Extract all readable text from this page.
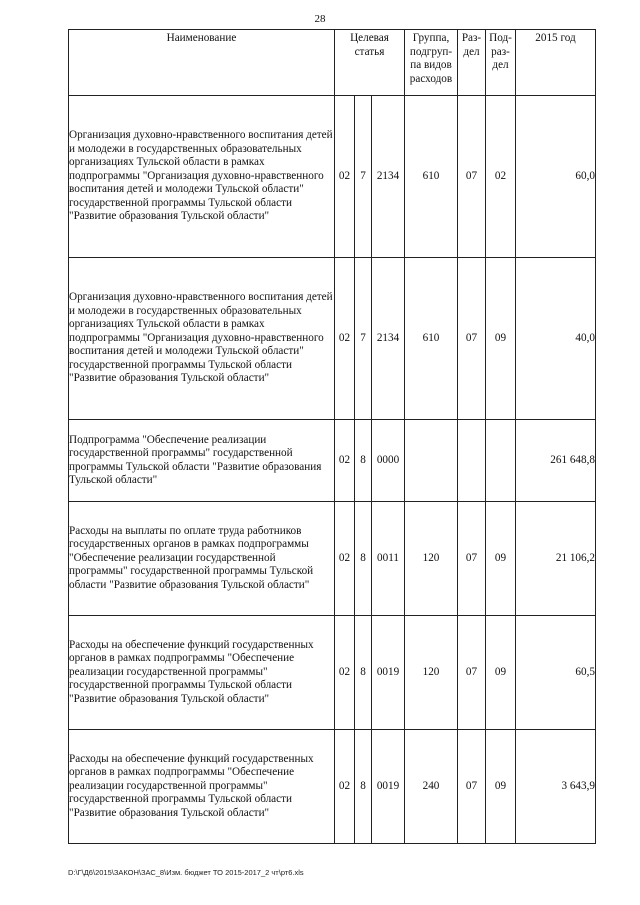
28
Наименование	Целевая статья			Группа, подгруп-па видов расходов	Раз-дел	Под-раз-дел	2015 год

Организация духовно-нравственного воспитания детей и молодежи в государственных образовательных организациях Тульской области в рамках подпрограммы "Организация духовно-нравственного воспитания детей и молодежи Тульской области" государственной программы Тульской области "Развитие образования Тульской области"	02	7	2134	610	07	02	60,0
Организация духовно-нравственного воспитания детей и молодежи в государственных образовательных организациях Тульской области в рамках подпрограммы "Организация духовно-нравственного воспитания детей и молодежи Тульской области" государственной программы Тульской области "Развитие образования Тульской области"	02	7	2134	610	07	09	40,0
Подпрограмма "Обеспечение реализации государственной программы" государственной программы Тульской области "Развитие образования Тульской области"	02	8	0000				261 648,8
Расходы на выплаты по оплате труда работников государственных органов в рамках подпрограммы "Обеспечение реализации государственной программы" государственной программы Тульской области "Развитие образования Тульской области"	02	8	0011	120	07	09	21 106,2
Расходы на обеспечение функций государственных органов в рамках подпрограммы "Обеспечение реализации государственной программы" государственной программы Тульской области "Развитие образования Тульской области"	02	8	0019	120	07	09	60,5
Расходы на обеспечение функций государственных органов в рамках подпрограммы "Обеспечение реализации государственной программы" государственной программы Тульской области "Развитие образования Тульской области"	02	8	0019	240	07	09	3 643,9
D:\Г\Д6\2015\ЗАКОН\ЗАС_8\Изм. бюджет ТО 2015-2017_2 чт\рт6.xls
